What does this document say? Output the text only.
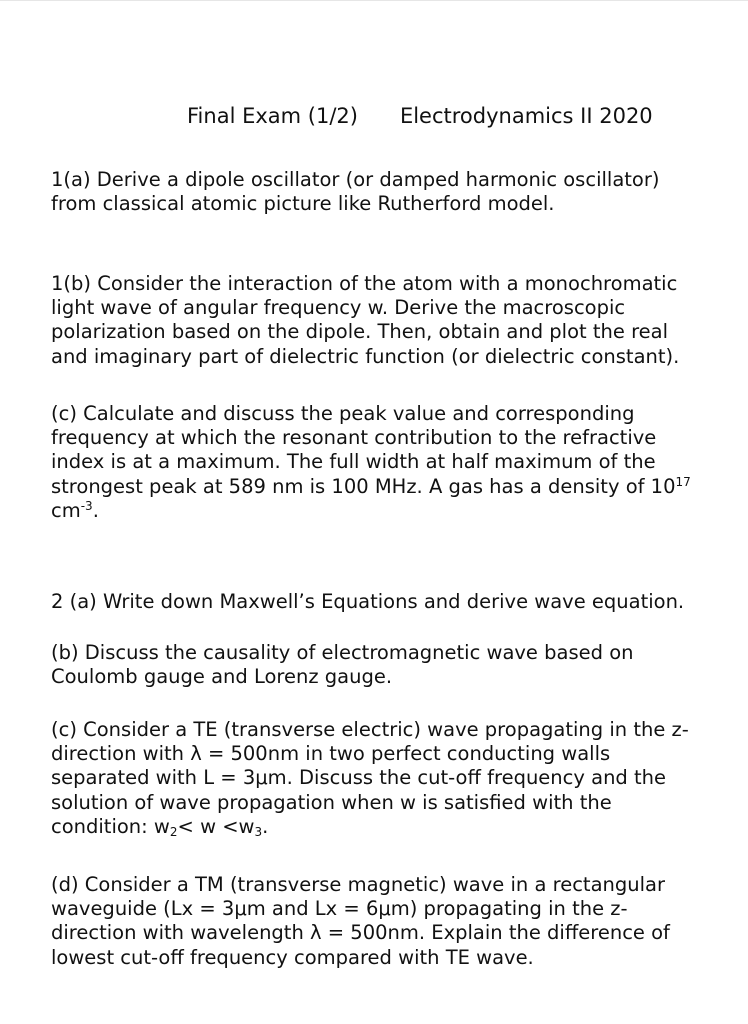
Final Exam (1/2) Electrodynamics II 2020
1(a) Derive a dipole oscillator (or damped harmonic oscillator)
from classical atomic picture like Rutherford model.
1(b) Consider the interaction of the atom with a monochromatic
light wave of angular frequency w. Derive the macroscopic
polarization based on the dipole. Then, obtain and plot the real
and imaginary part of dielectric function (or dielectric constant).
(c) Calculate and discuss the peak value and corresponding
frequency at which the resonant contribution to the refractive
index is at a maximum. The full width at half maximum of the
strongest peak at 589 nm is 100 MHz. A gas has a density of $10^{17}$
$cm^{-3}$.
2 (a) Write down Maxwell’s Equations and derive wave equation.
(b) Discuss the causality of electromagnetic wave based on
Coulomb gauge and Lorenz gauge.
(c) Consider a TE (transverse electric) wave propagating in the z-
direction with λ = 500nm in two perfect conducting walls
separated with L = 3μm. Discuss the cut-off frequency and the
solution of wave propagation when w is satisfied with the
condition: $w_2< w <w_3$.
(d) Consider a TM (transverse magnetic) wave in a rectangular
waveguide (Lx = 3μm and Lx = 6μm) propagating in the z-
direction with wavelength λ = 500nm. Explain the difference of
lowest cut-off frequency compared with TE wave.
